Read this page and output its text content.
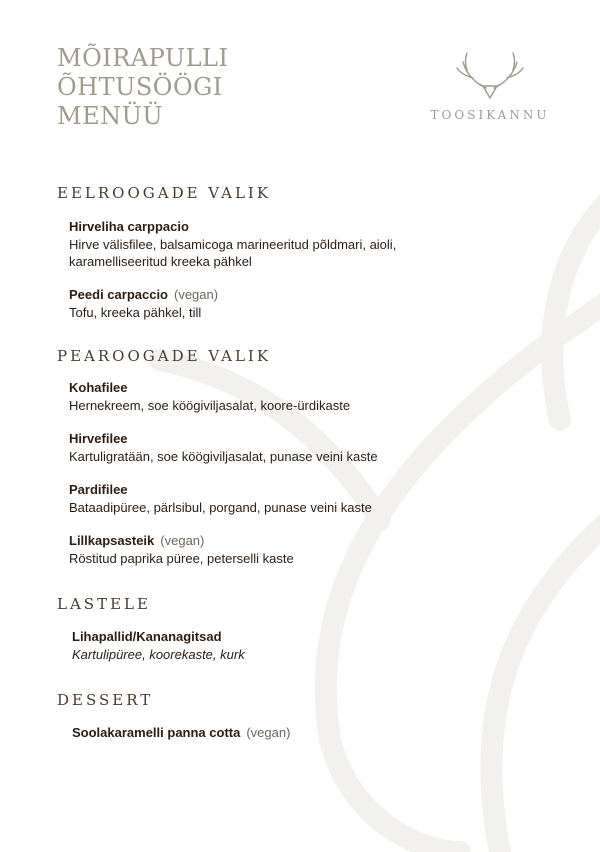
MÕIRAPULLI
ÕHTUSÖÖGI
MENÜÜ	TOOSIKANNU
EELROOGADE VALIK
Hirveliha carppacio
Hirve välisfilee, balsamicoga marineeritud põldmari, aioli, karamelliseeritud kreeka pähkel
Peedi carpaccio (vegan)
Tofu, kreeka pähkel, till
PEAROOGADE VALIK
Kohafilee
Hernekreem, soe köögiviljasalat, koore-ürdikaste
Hirvefilee
Kartuligratään, soe köögiviljasalat, punase veini kaste
Pardifilee
Bataadipüree, pärlsibul, porgand, punase veini kaste
Lillkapsasteik (vegan)
Röstitud paprika püree, peterselli kaste
LASTELE
Lihapallid/Kananagitsad
Kartulipüree, koorekaste, kurk
DESSERT
Soolakaramelli panna cotta (vegan)
